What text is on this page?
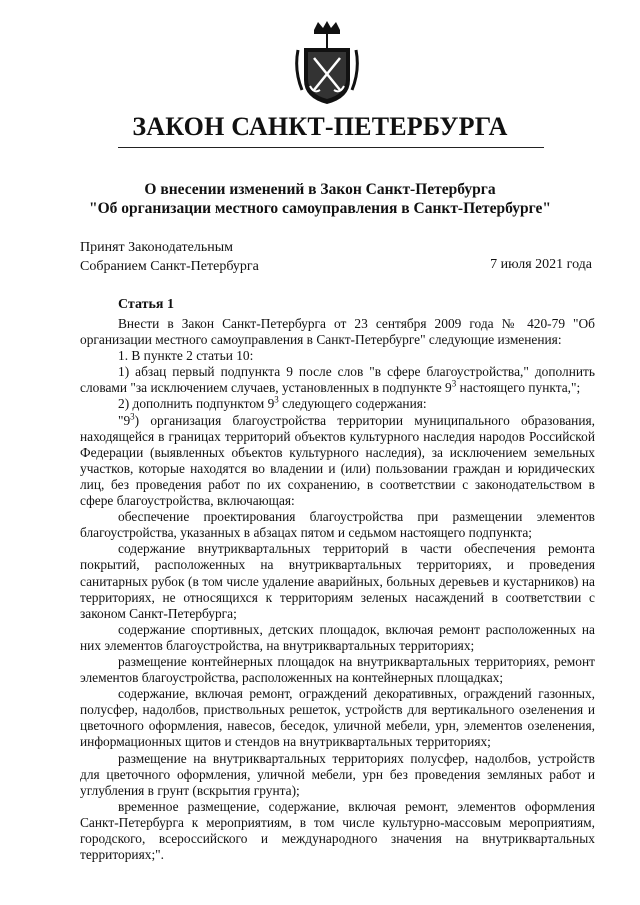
ЗАКОН САНКТ-ПЕТЕРБУРГА
О внесении изменений в Закон Санкт-Петербурга
"Об организации местного самоуправления в Санкт-Петербурге"
Принят Законодательным
Собранием Санкт-Петербурга	7 июля 2021 года
Статья 1

Внести в Закон Санкт-Петербурга от 23 сентября 2009 года № 420-79 "Об организации местного самоуправления в Санкт-Петербурге" следующие изменения:

1. В пункте 2 статьи 10:

1) абзац первый подпункта 9 после слов "в сфере благоустройства," дополнить словами "за исключением случаев, установленных в подпункте $9^3$ настоящего пункта,";

2) дополнить подпунктом $9^3$ следующего содержания:

"$9^3$) организация благоустройства территории муниципального образования, находящейся в границах территорий объектов культурного наследия народов Российской Федерации (выявленных объектов культурного наследия), за исключением земельных участков, которые находятся во владении и (или) пользовании граждан и юридических лиц, без проведения работ по их сохранению, в соответствии с законодательством в сфере благоустройства, включающая:

обеспечение проектирования благоустройства при размещении элементов благоустройства, указанных в абзацах пятом и седьмом настоящего подпункта;

содержание внутриквартальных территорий в части обеспечения ремонта покрытий, расположенных на внутриквартальных территориях, и проведения санитарных рубок (в том числе удаление аварийных, больных деревьев и кустарников) на территориях, не относящихся к территориям зеленых насаждений в соответствии с законом Санкт-Петербурга;

содержание спортивных, детских площадок, включая ремонт расположенных на них элементов благоустройства, на внутриквартальных территориях;

размещение контейнерных площадок на внутриквартальных территориях, ремонт элементов благоустройства, расположенных на контейнерных площадках;

содержание, включая ремонт, ограждений декоративных, ограждений газонных, полусфер, надолбов, приствольных решеток, устройств для вертикального озеленения и цветочного оформления, навесов, беседок, уличной мебели, урн, элементов озеленения, информационных щитов и стендов на внутриквартальных территориях;

размещение на внутриквартальных территориях полусфер, надолбов, устройств для цветочного оформления, уличной мебели, урн без проведения земляных работ и углубления в грунт (вскрытия грунта);

временное размещение, содержание, включая ремонт, элементов оформления Санкт-Петербурга к мероприятиям, в том числе культурно-массовым мероприятиям, городского, всероссийского и международного значения на внутриквартальных территориях;".
